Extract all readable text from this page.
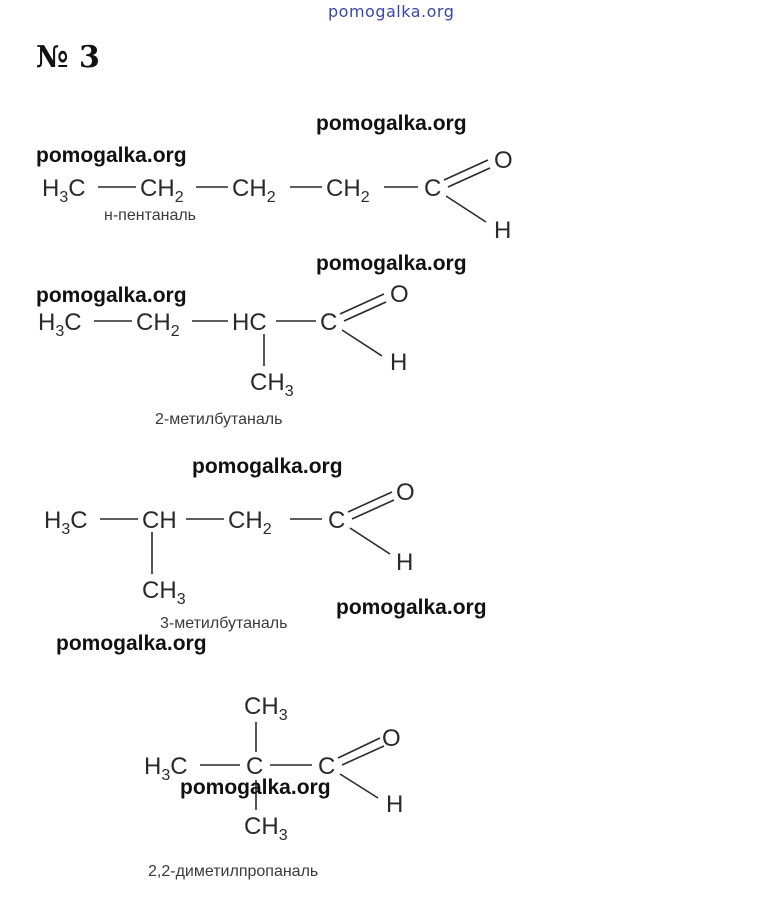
pomogalka.org
№ 3
$H_3C$ $CH_2$ $CH_2$ $CH_2$ C
O
H
н-пентаналь
$H_3C$ $CH_2$ HC C
O
H
$CH_3$
2-метилбутаналь
$H_3C$ CH $CH_2$ C
O
H
$CH_3$
3-метилбутаналь
$CH_3$
$H_3C$ C C
O
H
$CH_3$
2,2-диметилпропаналь
pomogalka.org
pomogalka.org
pomogalka.org
pomogalka.org
pomogalka.org
pomogalka.org
pomogalka.org
pomogalka.org
